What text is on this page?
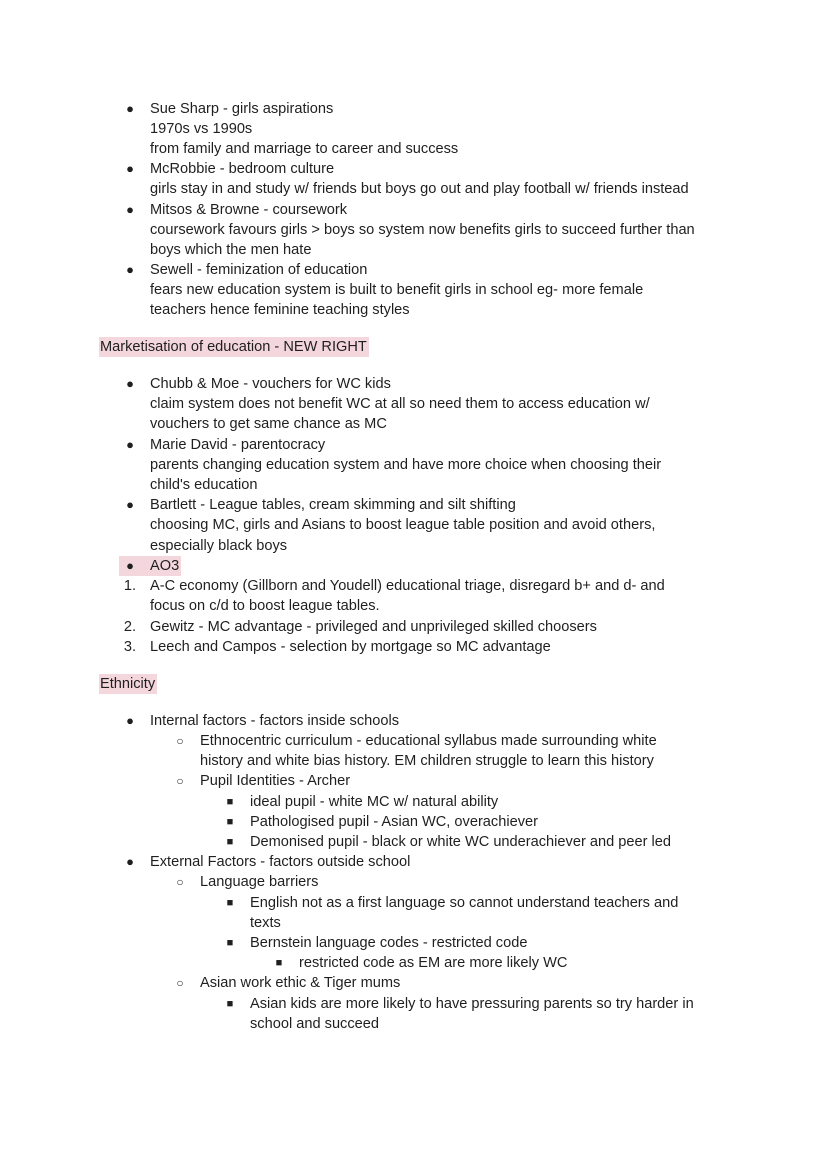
●	Sue Sharp - girls aspirations
1970s vs 1990s
from family and marriage to career and success
●	McRobbie - bedroom culture
girls stay in and study w/ friends but boys go out and play football w/ friends instead
●	Mitsos & Browne - coursework
coursework favours girls > boys so system now benefits girls to succeed further than
boys which the men hate
●	Sewell - feminization of education
fears new education system is built to benefit girls in school eg- more female
teachers hence feminine teaching styles
Marketisation of education - NEW RIGHT
●	Chubb & Moe - vouchers for WC kids
claim system does not benefit WC at all so need them to access education w/
vouchers to get same chance as MC
●	Marie David - parentocracy
parents changing education system and have more choice when choosing their
child's education
●	Bartlett - League tables, cream skimming and silt shifting
choosing MC, girls and Asians to boost league table position and avoid others,
especially black boys
●	AO3
1. A-C economy (Gillborn and Youdell) educational triage, disregard b+ and d- and
focus on c/d to boost league tables.
2. Gewitz - MC advantage - privileged and unprivileged skilled choosers
3. Leech and Campos - selection by mortgage so MC advantage
Ethnicity
●	Internal factors - factors inside schools
○	Ethnocentric curriculum - educational syllabus made surrounding white
history and white bias history. EM children struggle to learn this history
○	Pupil Identities - Archer
■	ideal pupil - white MC w/ natural ability
■	Pathologised pupil - Asian WC, overachiever
■	Demonised pupil - black or white WC underachiever and peer led
●	External Factors - factors outside school
○	Language barriers
■	English not as a first language so cannot understand teachers and
texts
■	Bernstein language codes - restricted code
■	restricted code as EM are more likely WC
○	Asian work ethic & Tiger mums
■	Asian kids are more likely to have pressuring parents so try harder in
school and succeed
